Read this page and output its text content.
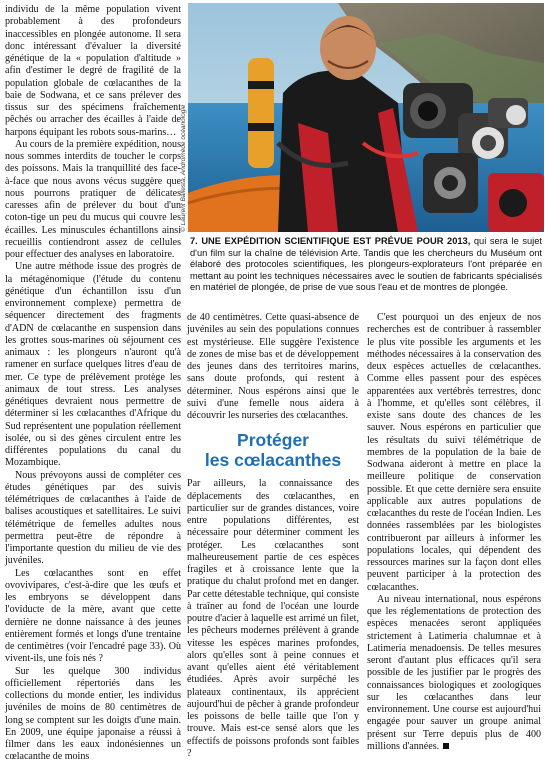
individu de la même population vivent probablement à des profondeurs inaccessibles en plongée autonome. Il sera donc intéressant d'évaluer la diversité génétique de la « population d'altitude » afin d'estimer le degré de fragilité de la population globale de cœlacanthes de la baie de Sodwana, et ce sans prélever des tissus sur des spécimens fraîchement pêchés ou arracher des écailles à l'aide de harpons équipant les robots sous-marins…

Au cours de la première expédition, nous nous sommes interdits de toucher le corps des poissons. Mais la tranquillité des face-à-face que nous avons vécus suggère que nous pourrons pratiquer de délicates caresses afin de prélever du bout d'un coton-tige un peu du mucus qui couvre les écailles. Les minuscules échantillons ainsi recueillis contiendront assez de cellules pour effectuer des analyses en laboratoire.

Une autre méthode issue des progrès de la métagénomique (l'étude du contenu génétique d'un échantillon issu d'un environnement complexe) permettra de séquencer directement des fragments d'ADN de cœlacanthe en suspension dans les grottes sous-marines où séjournent ces animaux : les plongeurs n'auront qu'à ramener en surface quelques litres d'eau de mer. Ce type de prélèvement protège les animaux de tout stress. Les analyses génétiques devraient nous permettre de déterminer si les cœlacanthes d'Afrique du Sud représentent une population réellement isolée, ou si des gènes circulent entre les différentes populations du canal du Mozambique.

Nous prévoyons aussi de compléter ces études génétiques par des suivis télémétriques de cœlacanthes à l'aide de balises acoustiques et satellitaires. Le suivi télémétrique de femelles adultes nous permettra peut-être de répondre à l'importante question du milieu de vie des juvéniles.

Les cœlacanthes sont en effet ovovivipares, c'est-à-dire que les œufs et les embryons se développent dans l'oviducte de la mère, avant que cette dernière ne donne naissance à des jeunes entièrement formés et longs d'une trentaine de centimètres (voir l'encadré page 33). Où vivent-ils, une fois nés ?

Sur les quelque 300 individus officiellement répertoriés dans les collections du monde entier, les individus juvéniles de moins de 80 centimètres de long se comptent sur les doigts d'une main. En 2009, une équipe japonaise a réussi à filmer dans les eaux indonésiennes un cœlacanthe de moins

© Laurent Ballesta, Andromède océanologie
7. UNE EXPÉDITION SCIENTIFIQUE EST PRÉVUE POUR 2013, qui sera le sujet d'un film sur la chaîne de télévision Arte. Tandis que les chercheurs du Muséum ont élaboré des protocoles scientifiques, les plongeurs-explorateurs l'ont préparée en mettant au point les techniques nécessaires avec le soutien de fabricants spécialisés en matériel de plongée, de prise de vue sous l'eau et de montres de plongée.

de 40 centimètres. Cette quasi-absence de juvéniles au sein des populations connues est mystérieuse. Elle suggère l'existence de zones de mise bas et de développement des jeunes dans des territoires marins, sans doute profonds, qui restent à déterminer. Nous espérons ainsi que le suivi d'une femelle nous aidera à découvrir les nurseries des cœlacanthes.

Protéger
les cœlacanthes

Par ailleurs, la connaissance des déplacements des cœlacanthes, en particulier sur de grandes distances, voire entre populations différentes, est nécessaire pour déterminer comment les protéger. Les cœlacanthes sont malheureusement partie de ces espèces fragiles et à croissance lente que la pratique du chalut profond met en danger. Par cette détestable technique, qui consiste à traîner au fond de l'océan une lourde poutre d'acier à laquelle est arrimé un filet, les pêcheurs modernes prélèvent à grande vitesse les espèces marines profondes, alors qu'elles sont à peine connues et avant qu'elles aient été véritablement étudiées. Après avoir surpêché les plateaux continentaux, ils apprécient aujourd'hui de pêcher à grande profondeur les poissons de belle taille que l'on y trouve. Mais est-ce sensé alors que les effectifs de poissons profonds sont faibles ?

C'est pourquoi un des enjeux de nos recherches est de contribuer à rassembler le plus vite possible les arguments et les méthodes nécessaires à la conservation des deux espèces actuelles de cœlacanthes. Comme elles passent pour des espèces apparentées aux vertébrés terrestres, donc à l'homme, et qu'elles sont célèbres, il existe sans doute des chances de les sauver. Nous espérons en particulier que les résultats du suivi télémétrique de membres de la population de la baie de Sodwana aideront à mettre en place la meilleure politique de conservation possible. Et que cette dernière sera ensuite applicable aux autres populations de cœlacanthes du reste de l'océan Indien. Les données rassemblées par les biologistes contribueront par ailleurs à informer les populations locales, qui dépendent des ressources marines sur la façon dont elles peuvent participer à la protection des cœlacanthes.

Au niveau international, nous espérons que les réglementations de protection des espèces menacées seront appliquées strictement à Latimeria chalumnae et à Latimeria menadoensis. De telles mesures seront d'autant plus efficaces qu'il sera possible de les justifier par le progrès des connaissances biologiques et zoologiques sur les cœlacanthes dans leur environnement. Une course est aujourd'hui engagée pour sauver un groupe animal présent sur Terre depuis plus de 400 millions d'années.
